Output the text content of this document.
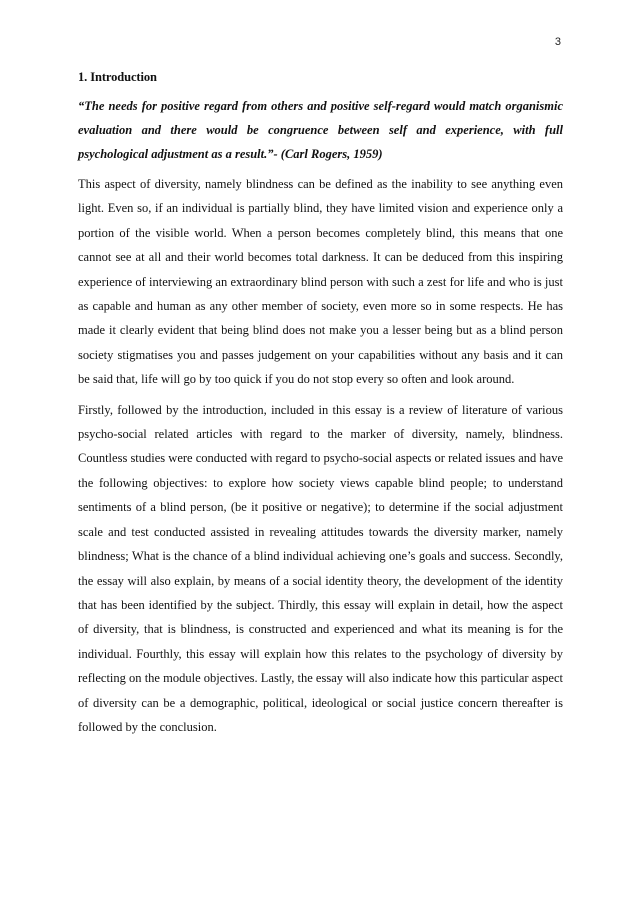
3
1. Introduction

“The needs for positive regard from others and positive self-regard would match organismic evaluation and there would be congruence between self and experience, with full psychological adjustment as a result.”- (Carl Rogers, 1959)

This aspect of diversity, namely blindness can be defined as the inability to see anything even light. Even so, if an individual is partially blind, they have limited vision and experience only a portion of the visible world. When a person becomes completely blind, this means that one cannot see at all and their world becomes total darkness. It can be deduced from this inspiring experience of interviewing an extraordinary blind person with such a zest for life and who is just as capable and human as any other member of society, even more so in some respects. He has made it clearly evident that being blind does not make you a lesser being but as a blind person society stigmatises you and passes judgement on your capabilities without any basis and it can be said that, life will go by too quick if you do not stop every so often and look around.

Firstly, followed by the introduction, included in this essay is a review of literature of various psycho-social related articles with regard to the marker of diversity, namely, blindness. Countless studies were conducted with regard to psycho-social aspects or related issues and have the following objectives: to explore how society views capable blind people; to understand sentiments of a blind person, (be it positive or negative); to determine if the social adjustment scale and test conducted assisted in revealing attitudes towards the diversity marker, namely blindness; What is the chance of a blind individual achieving one’s goals and success. Secondly, the essay will also explain, by means of a social identity theory, the development of the identity that has been identified by the subject. Thirdly, this essay will explain in detail, how the aspect of diversity, that is blindness, is constructed and experienced and what its meaning is for the individual. Fourthly, this essay will explain how this relates to the psychology of diversity by reflecting on the module objectives. Lastly, the essay will also indicate how this particular aspect of diversity can be a demographic, political, ideological or social justice concern thereafter is followed by the conclusion.
